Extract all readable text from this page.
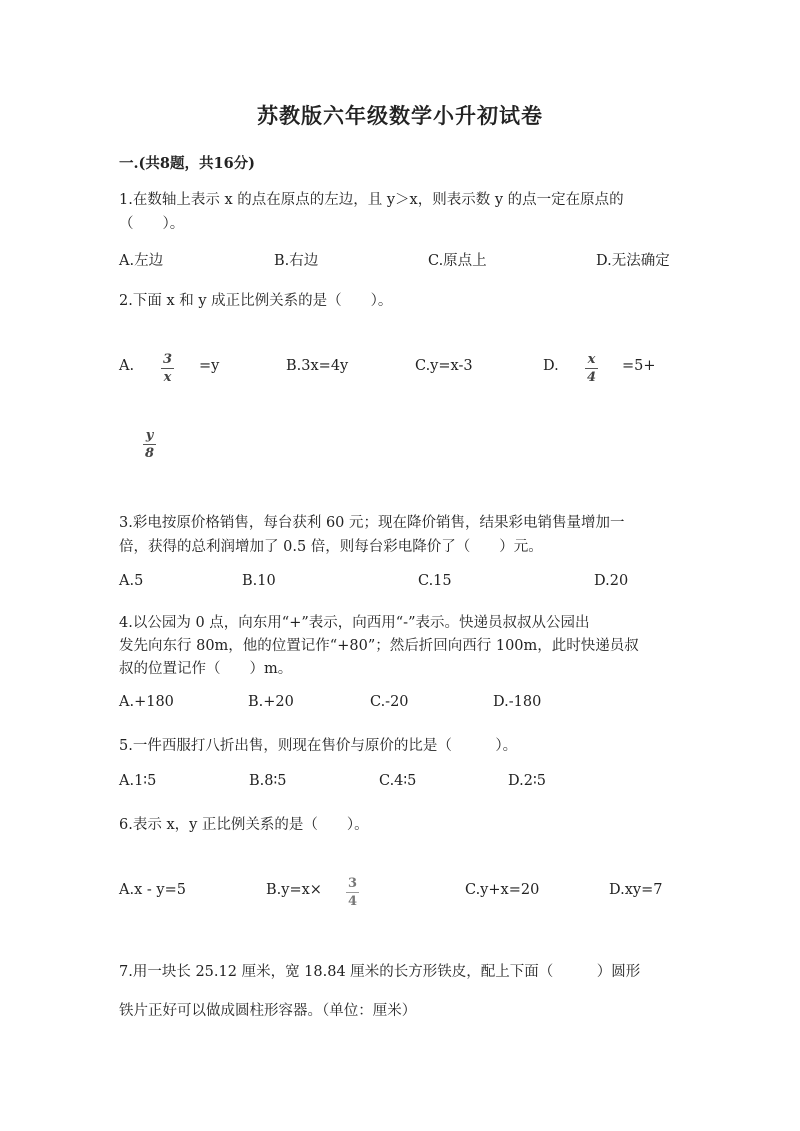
苏教版六年级数学小升初试卷
一.(共8题，共16分)
1.在数轴上表示 x 的点在原点的左边，且 y＞x，则表示数 y 的点一定在原点的
（　　）。
A.左边	B.右边	C.原点上	D.无法确定
2.下面 x 和 y 成正比例关系的是（　　）。
A. 3
x
=y	B.3x=4y	C.y=x-3	D. x
4
=5+
y
8
3.彩电按原价格销售，每台获利 60 元；现在降价销售，结果彩电销售量增加一
倍，获得的总利润增加了 0.5 倍，则每台彩电降价了（　　）元。
A.5	B.10	C.15	D.20
4.以公园为 0 点，向东用“+”表示，向西用“-”表示。快递员叔叔从公园出
发先向东行 80m，他的位置记作“+80”；然后折回向西行 100m，此时快递员叔
叔的位置记作（　　）m。
A.+180	B.+20	C.-20	D.-180
5.一件西服打八折出售，则现在售价与原价的比是（　　　）。
A.1∶5	B.8∶5	C.4∶5	D.2∶5
6.表示 x，y 正比例关系的是（　　）。
A.x - y=5	B.y=x× 3
4
C.y+x=20	D.xy=7
7.用一块长 25.12 厘米，宽 18.84 厘米的长方形铁皮，配上下面（　　　）圆形
铁片正好可以做成圆柱形容器。（单位：厘米）
